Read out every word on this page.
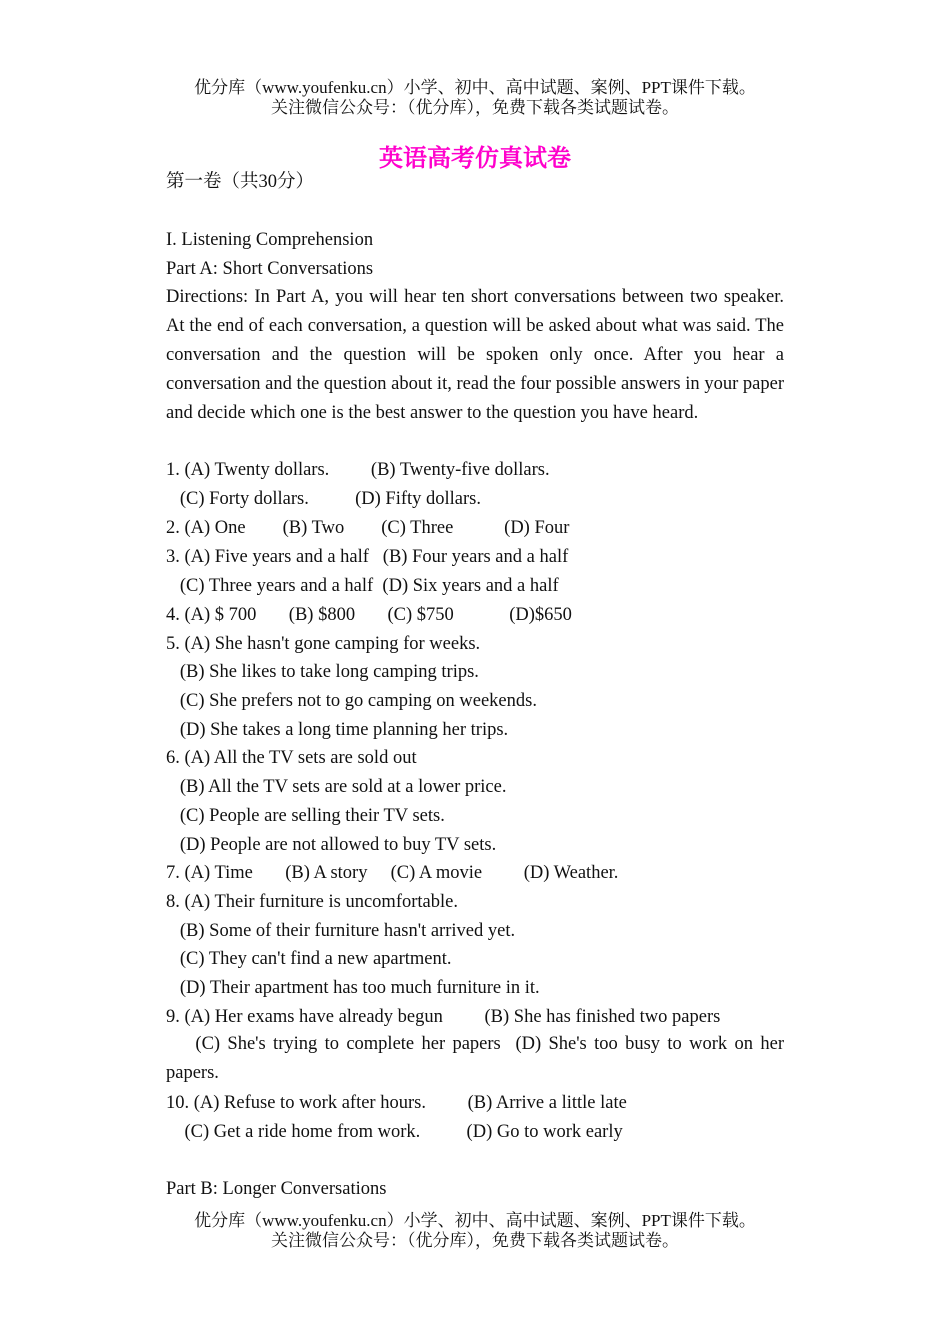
优分库（www.youfenku.cn）小学、初中、高中试题、案例、PPT课件下载。
关注微信公众号：（优分库），免费下载各类试题试卷。
英语高考仿真试卷
第一卷（共30分）
I. Listening Comprehension
Part A: Short Conversations
Directions: In Part A, you will hear ten short conversations between two speaker. At the end of each conversation, a question will be asked about what was said. The conversation and the question will be spoken only once. After you hear a conversation and the question about it, read the four possible answers in your paper and decide which one is the best answer to the question you have heard.
1. (A) Twenty dollars.         (B) Twenty-five dollars.
(C) Forty dollars.          (D) Fifty dollars.
2. (A) One        (B) Two        (C) Three           (D) Four
3. (A) Five years and a half   (B) Four years and a half
(C) Three years and a half  (D) Six years and a half
4. (A) $ 700       (B) $800       (C) $750            (D)$650
5. (A) She hasn't gone camping for weeks.
(B) She likes to take long camping trips.
(C) She prefers not to go camping on weekends.
(D) She takes a long time planning her trips.
6. (A) All the TV sets are sold out
(B) All the TV sets are sold at a lower price.
(C) People are selling their TV sets.
(D) People are not allowed to buy TV sets.
7. (A) Time       (B) A story     (C) A movie         (D) Weather.
8. (A) Their furniture is uncomfortable.
(B) Some of their furniture hasn't arrived yet.
(C) They can't find a new apartment.
(D) Their apartment has too much furniture in it.
9. (A) Her exams have already begun         (B) She has finished two papers
(C) She's trying to complete her papers  (D) She's too busy to work on her papers.
10. (A) Refuse to work after hours.         (B) Arrive a little late
(C) Get a ride home from work.          (D) Go to work early
Part B: Longer Conversations
优分库（www.youfenku.cn）小学、初中、高中试题、案例、PPT课件下载。
关注微信公众号：（优分库），免费下载各类试题试卷。
